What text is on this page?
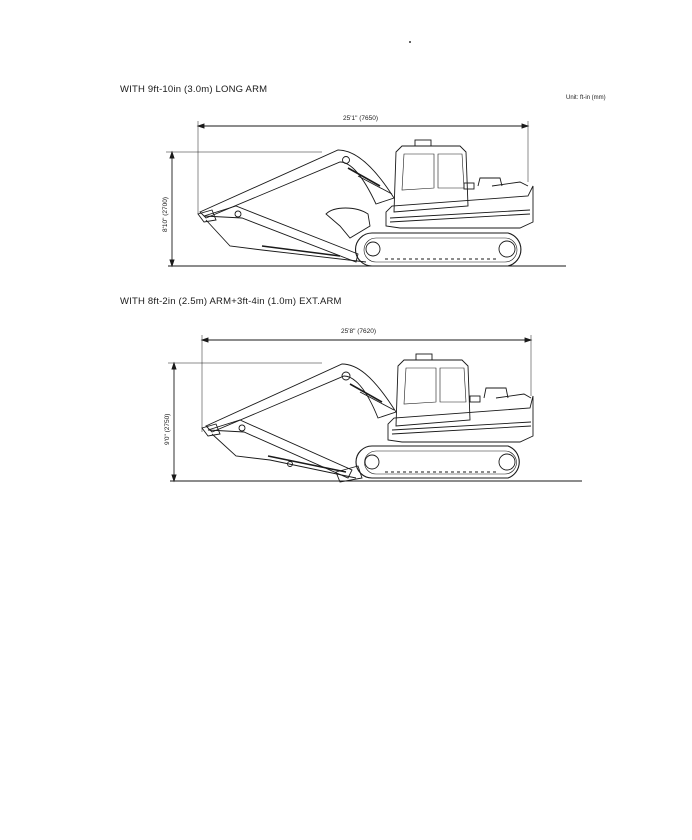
WITH 9ft-10in (3.0m) LONG ARM
Unit: ft-in (mm)
25'1" (7650)
8'10" (2700)
WITH 8ft-2in (2.5m) ARM+3ft-4in (1.0m) EXT.ARM
25'8" (7620)
9'0" (2750)
